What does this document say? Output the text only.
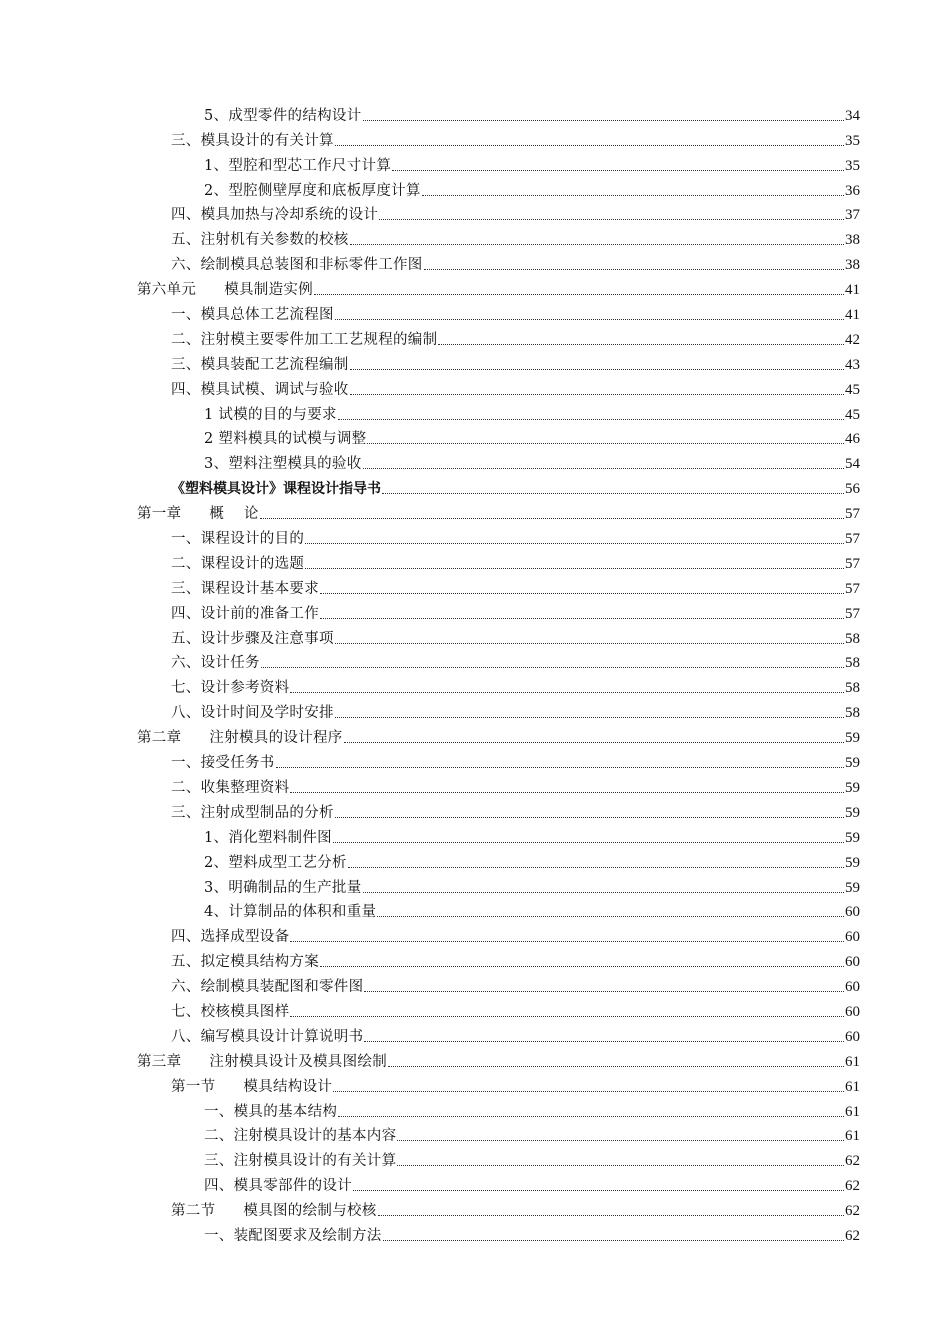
5、成型零件的结构设计	34
三、模具设计的有关计算	35
1、型腔和型芯工作尺寸计算	35
2、型腔侧壁厚度和底板厚度计算	36
四、模具加热与冷却系统的设计	37
五、注射机有关参数的校核	38
六、绘制模具总装图和非标零件工作图	38
第六单元 模具制造实例	41
一、模具总体工艺流程图	41
二、注射模主要零件加工工艺规程的编制	42
三、模具装配工艺流程编制	43
四、模具试模、调试与验收	45
1 试模的目的与要求	45
2 塑料模具的试模与调整	46
3、塑料注塑模具的验收	54
《塑料模具设计》课程设计指导书	56
第一章 概    论	57
一、课程设计的目的	57
二、课程设计的选题	57
三、课程设计基本要求	57
四、设计前的准备工作	57
五、设计步骤及注意事项	58
六、设计任务	58
七、设计参考资料	58
八、设计时间及学时安排	58
第二章 注射模具的设计程序	59
一、接受任务书	59
二、收集整理资料	59
三、注射成型制品的分析	59
1、消化塑料制件图	59
2、塑料成型工艺分析	59
3、明确制品的生产批量	59
4、计算制品的体积和重量	60
四、选择成型设备	60
五、拟定模具结构方案	60
六、绘制模具装配图和零件图	60
七、校核模具图样	60
八、编写模具设计计算说明书	60
第三章 注射模具设计及模具图绘制	61
第一节 模具结构设计	61
一、模具的基本结构	61
二、注射模具设计的基本内容	61
三、注射模具设计的有关计算	62
四、模具零部件的设计	62
第二节 模具图的绘制与校核	62
一、装配图要求及绘制方法	62
